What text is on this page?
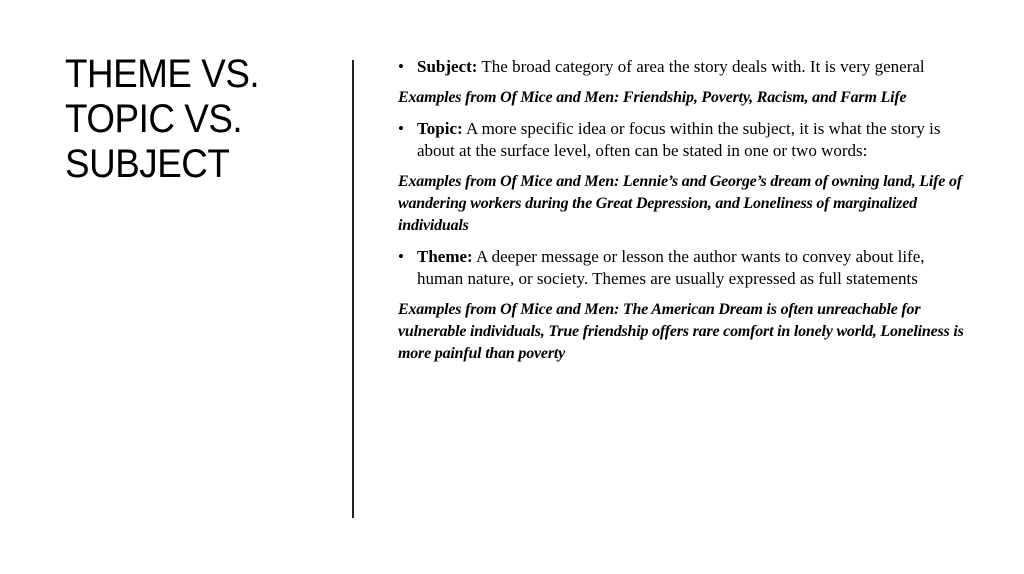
THEME VS.
TOPIC VS.
SUBJECT
• Subject: The broad category of area the story deals with. It is very general
Examples from Of Mice and Men: Friendship, Poverty, Racism, and Farm Life
• Topic: A more specific idea or focus within the subject, it is what the story is about at the surface level, often can be stated in one or two words:
Examples from Of Mice and Men: Lennie’s and George’s dream of owning land, Life of wandering workers during the Great Depression, and Loneliness of marginalized individuals
• Theme: A deeper message or lesson the author wants to convey about life, human nature, or society. Themes are usually expressed as full statements
Examples from Of Mice and Men: The American Dream is often unreachable for vulnerable individuals, True friendship offers rare comfort in lonely world, Loneliness is more painful than poverty
